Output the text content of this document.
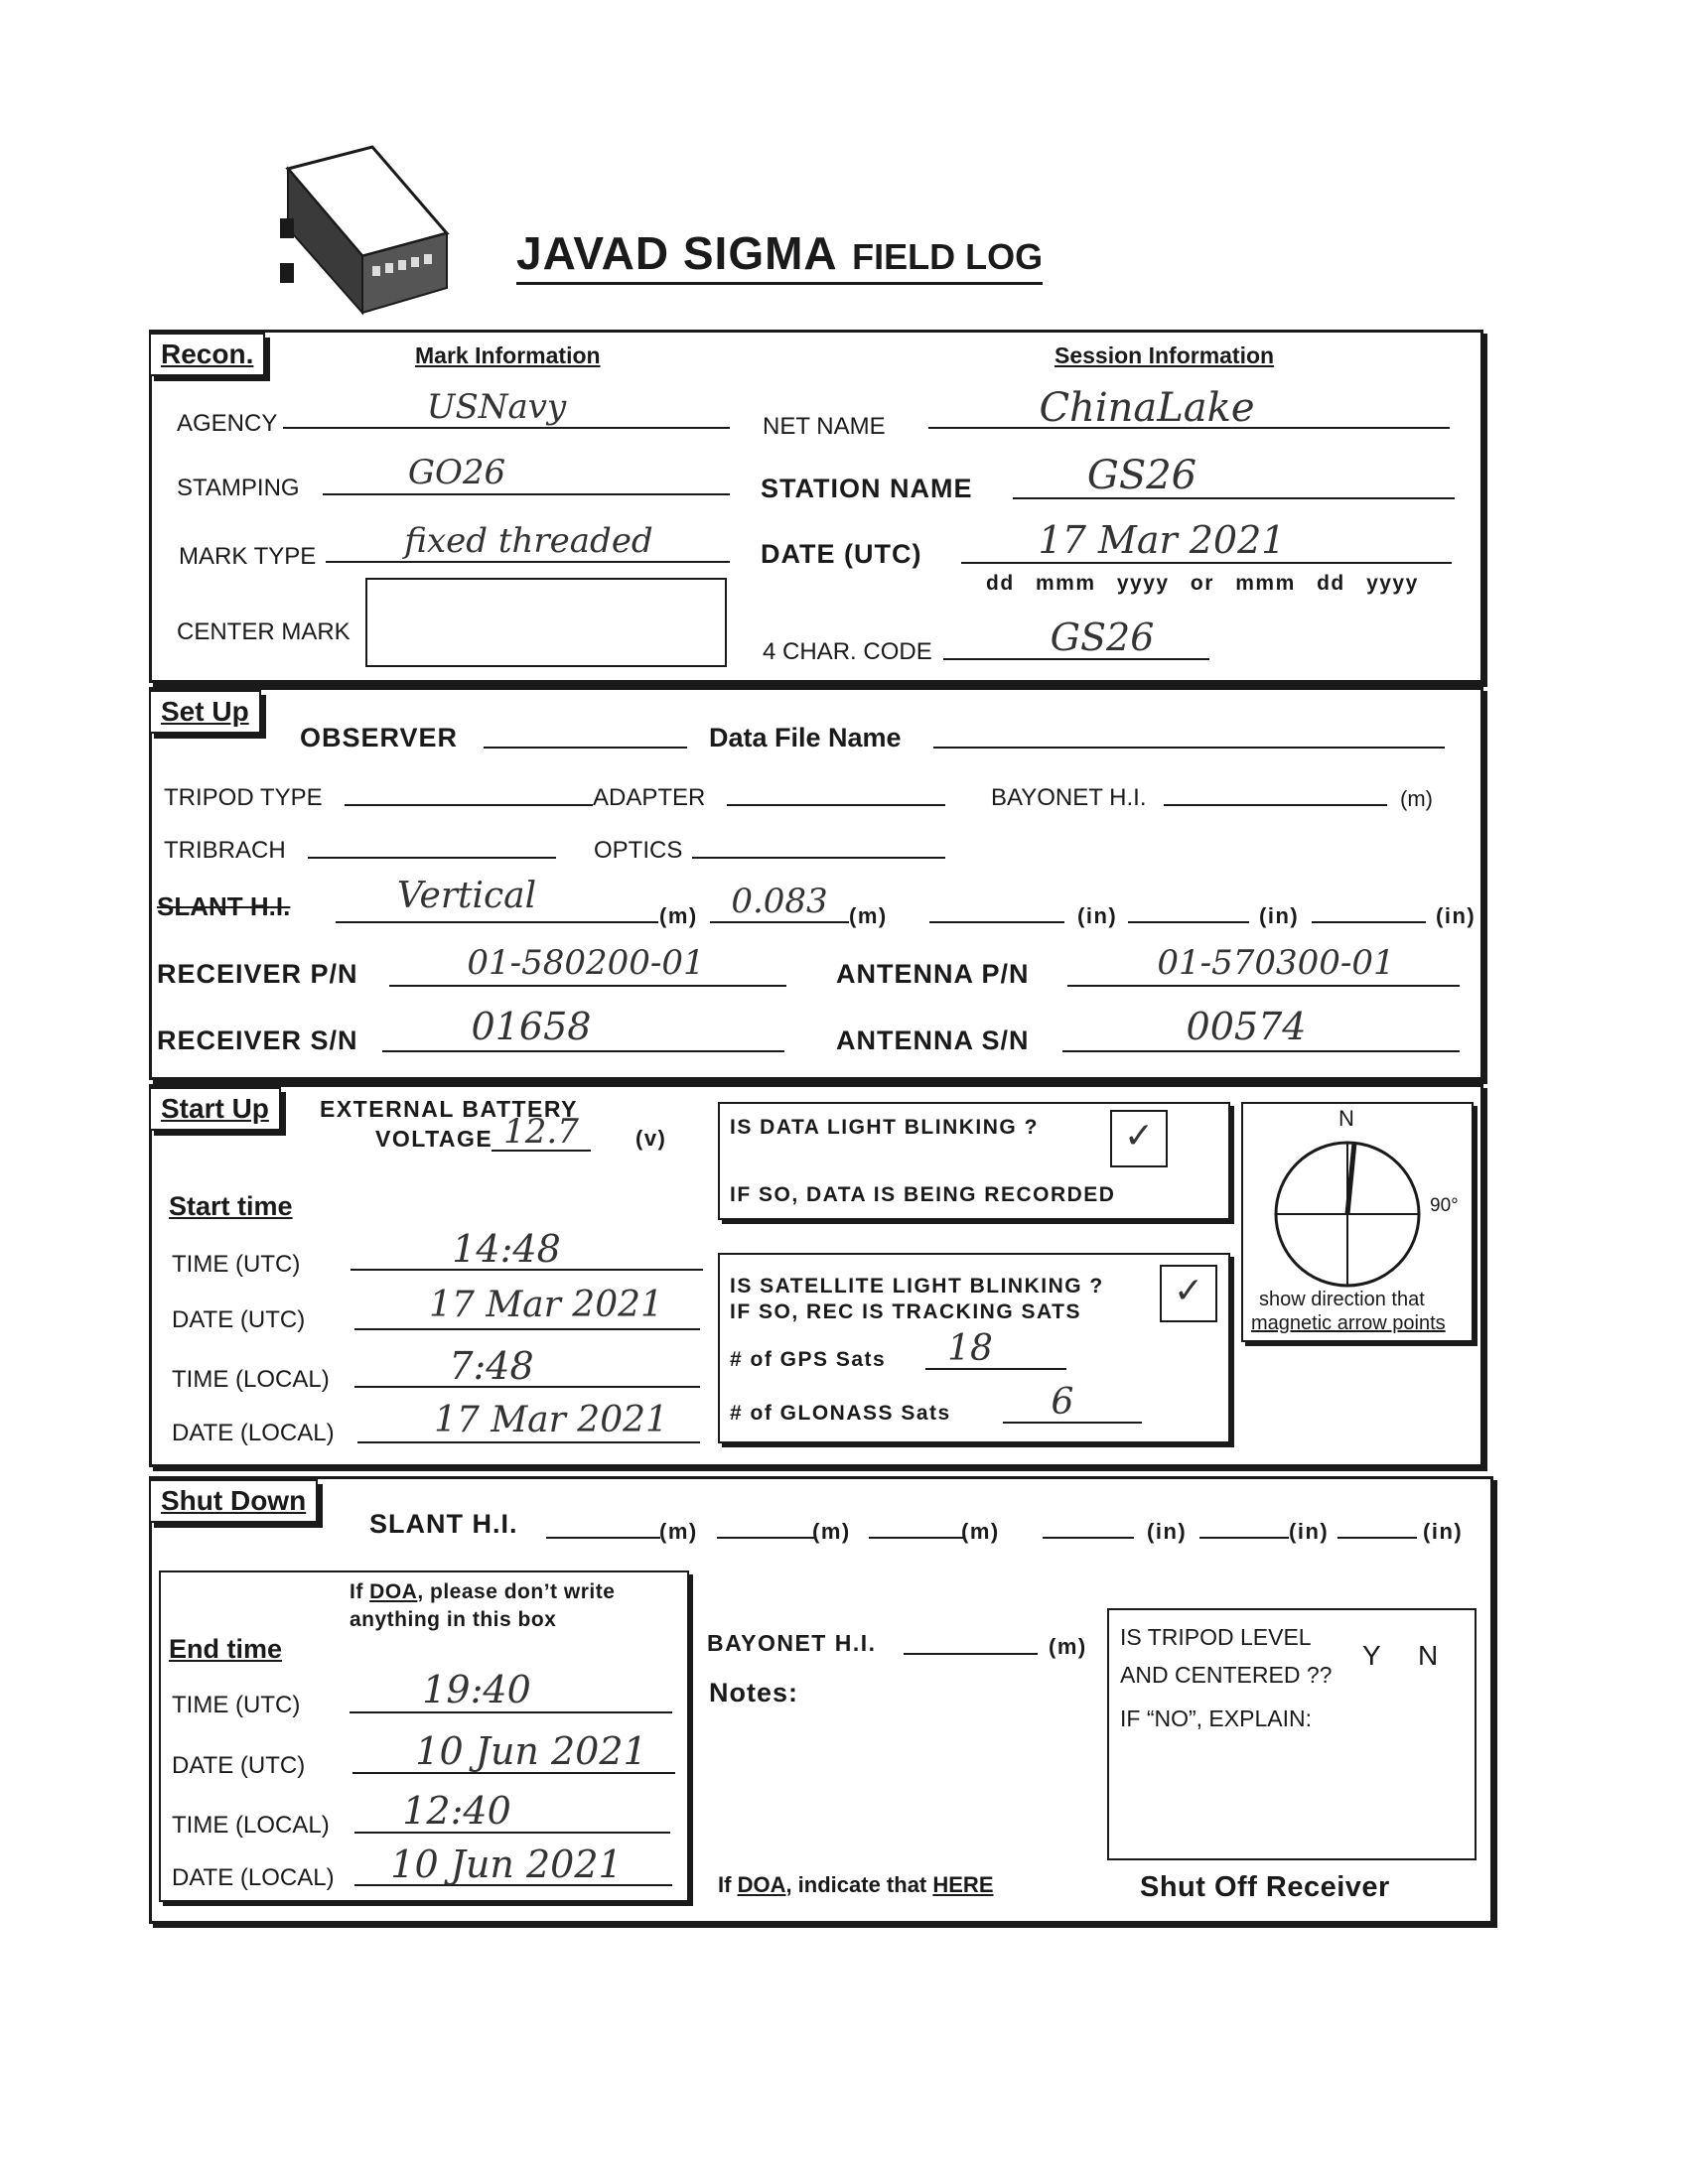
JAVAD SIGMA FIELD LOG
Recon.	Mark Information	Session Information
AGENCY	USNavy
STAMPING	GO26
MARK TYPE	fixed threaded
CENTER MARK
NET NAME	ChinaLake
STATION NAME	GS26
DATE (UTC)	17 Mar 2021
dd mmm yyyy or mmm dd yyyy
4 CHAR. CODE	GS26
Set Up
OBSERVER	Data File Name
TRIPOD TYPE	ADAPTER	BAYONET H.I.	(m)
TRIBRACH	OPTICS
SLANT H.I.	Vertical	(m) 0.083 (m)	(in)	(in)	(in)
RECEIVER P/N	01-580200-01	ANTENNA P/N	01-570300-01
RECEIVER S/N	01658	ANTENNA S/N	00574
Start Up	EXTERNAL BATTERY
VOLTAGE 12.7	(v)
Start time
TIME (UTC)	14:48
DATE (UTC)	17 Mar 2021
TIME (LOCAL)	7:48
DATE (LOCAL)	17 Mar 2021
IS DATA LIGHT BLINKING ?
IF SO, DATA IS BEING RECORDED
✓
IS SATELLITE LIGHT BLINKING ?
IF SO, REC IS TRACKING SATS
✓
# of GPS Sats	18
# of GLONASS Sats	6
N
90°
show direction that
magnetic arrow points
Shut Down
SLANT H.I.	(m)	(m)	(m)	(in)	(in)	(in)
If DOA, please don’t write
anything in this box
End time
TIME (UTC)	19:40
DATE (UTC)	10 Jun 2021
TIME (LOCAL)	12:40
DATE (LOCAL)	10 Jun 2021
BAYONET H.I.	(m)
Notes:
If DOA, indicate that HERE
IS TRIPOD LEVEL
AND CENTERED ??
Y N
IF “NO”, EXPLAIN:
Shut Off Receiver
